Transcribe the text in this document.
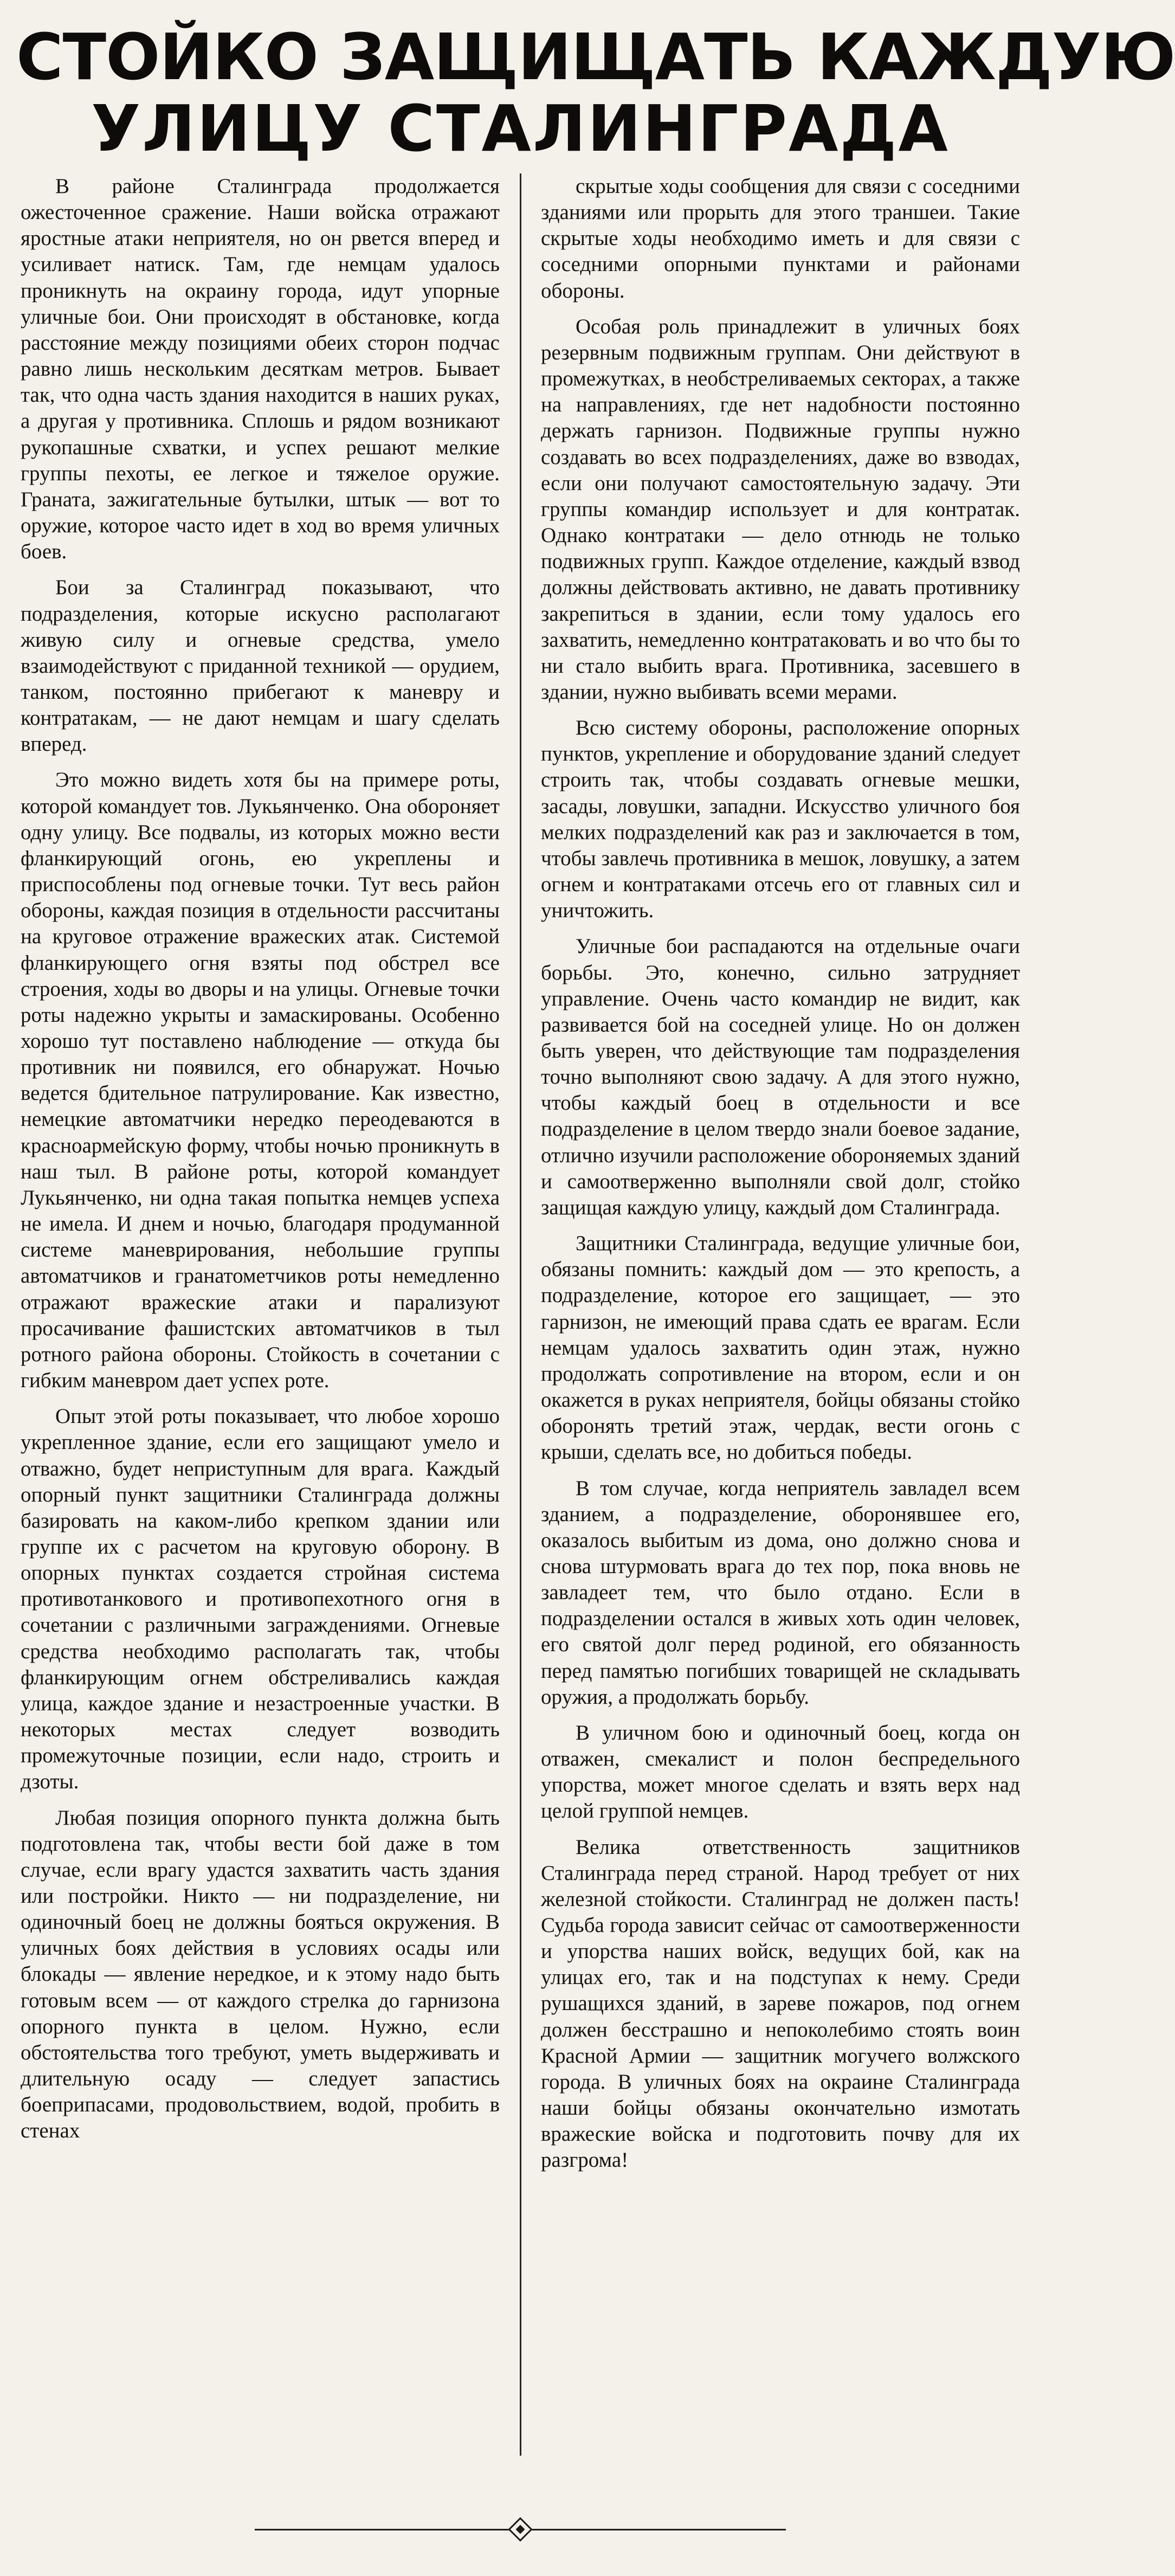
СТОЙКО ЗАЩИЩАТЬ КАЖДУЮ
УЛИЦУ СТАЛИНГРАДА

В районе Сталинграда продолжается ожесточенное сражение. Наши войска отражают яростные атаки неприятеля, но он рвется вперед и усиливает натиск. Там, где немцам удалось проникнуть на окраину города, идут упорные уличные бои. Они происходят в обстановке, когда расстояние между позициями обеих сторон подчас равно лишь нескольким десяткам метров. Бывает так, что одна часть здания находится в наших руках, а другая у противника. Сплошь и рядом возникают рукопашные схватки, и успех решают мелкие группы пехоты, ее легкое и тяжелое оружие. Граната, зажигательные бутылки, штык — вот то оружие, которое часто идет в ход во время уличных боев.

Бои за Сталинград показывают, что подразделения, которые искусно располагают живую силу и огневые средства, умело взаимодействуют с приданной техникой — орудием, танком, постоянно прибегают к маневру и контратакам, — не дают немцам и шагу сделать вперед.

Это можно видеть хотя бы на примере роты, которой командует тов. Лукьянченко. Она обороняет одну улицу. Все подвалы, из которых можно вести фланкирующий огонь, ею укреплены и приспособлены под огневые точки. Тут весь район обороны, каждая позиция в отдельности рассчитаны на круговое отражение вражеских атак. Системой фланкирующего огня взяты под обстрел все строения, ходы во дворы и на улицы. Огневые точки роты надежно укрыты и замаскированы. Особенно хорошо тут поставлено наблюдение — откуда бы противник ни появился, его обнаружат. Ночью ведется бдительное патрулирование. Как известно, немецкие автоматчики нередко переодеваются в красноармейскую форму, чтобы ночью проникнуть в наш тыл. В районе роты, которой командует Лукьянченко, ни одна такая попытка немцев успеха не имела. И днем и ночью, благодаря продуманной системе маневрирования, небольшие группы автоматчиков и гранатометчиков роты немедленно отражают вражеские атаки и парализуют просачивание фашистских автоматчиков в тыл ротного района обороны. Стойкость в сочетании с гибким маневром дает успех роте.

Опыт этой роты показывает, что любое хорошо укрепленное здание, если его защищают умело и отважно, будет неприступным для врага. Каждый опорный пункт защитники Сталинграда должны базировать на каком-либо крепком здании или группе их с расчетом на круговую оборону. В опорных пунктах создается стройная система противотанкового и противопехотного огня в сочетании с различными заграждениями. Огневые средства необходимо располагать так, чтобы фланкирующим огнем обстреливались каждая улица, каждое здание и незастроенные участки. В некоторых местах следует возводить промежуточные позиции, если надо, строить и дзоты.

Любая позиция опорного пункта должна быть подготовлена так, чтобы вести бой даже в том случае, если врагу удастся захватить часть здания или постройки. Никто — ни подразделение, ни одиночный боец не должны бояться окружения. В уличных боях действия в условиях осады или блокады — явление нередкое, и к этому надо быть готовым всем — от каждого стрелка до гарнизона опорного пункта в целом. Нужно, если обстоятельства того требуют, уметь выдерживать и длительную осаду — следует запастись боеприпасами, продовольствием, водой, пробить в стенах

скрытые ходы сообщения для связи с соседними зданиями или прорыть для этого траншеи. Такие скрытые ходы необходимо иметь и для связи с соседними опорными пунктами и районами обороны.

Особая роль принадлежит в уличных боях резервным подвижным группам. Они действуют в промежутках, в необстреливаемых секторах, а также на направлениях, где нет надобности постоянно держать гарнизон. Подвижные группы нужно создавать во всех подразделениях, даже во взводах, если они получают самостоятельную задачу. Эти группы командир использует и для контратак. Однако контратаки — дело отнюдь не только подвижных групп. Каждое отделение, каждый взвод должны действовать активно, не давать противнику закрепиться в здании, если тому удалось его захватить, немедленно контратаковать и во что бы то ни стало выбить врага. Противника, засевшего в здании, нужно выбивать всеми мерами.

Всю систему обороны, расположение опорных пунктов, укрепление и оборудование зданий следует строить так, чтобы создавать огневые мешки, засады, ловушки, западни. Искусство уличного боя мелких подразделений как раз и заключается в том, чтобы завлечь противника в мешок, ловушку, а затем огнем и контратаками отсечь его от главных сил и уничтожить.

Уличные бои распадаются на отдельные очаги борьбы. Это, конечно, сильно затрудняет управление. Очень часто командир не видит, как развивается бой на соседней улице. Но он должен быть уверен, что действующие там подразделения точно выполняют свою задачу. А для этого нужно, чтобы каждый боец в отдельности и все подразделение в целом твердо знали боевое задание, отлично изучили расположение обороняемых зданий и самоотверженно выполняли свой долг, стойко защищая каждую улицу, каждый дом Сталинграда.

Защитники Сталинграда, ведущие уличные бои, обязаны помнить: каждый дом — это крепость, а подразделение, которое его защищает, — это гарнизон, не имеющий права сдать ее врагам. Если немцам удалось захватить один этаж, нужно продолжать сопротивление на втором, если и он окажется в руках неприятеля, бойцы обязаны стойко оборонять третий этаж, чердак, вести огонь с крыши, сделать все, но добиться победы.

В том случае, когда неприятель завладел всем зданием, а подразделение, оборонявшее его, оказалось выбитым из дома, оно должно снова и снова штурмовать врага до тех пор, пока вновь не завладеет тем, что было отдано. Если в подразделении остался в живых хоть один человек, его святой долг перед родиной, его обязанность перед памятью погибших товарищей не складывать оружия, а продолжать борьбу.

В уличном бою и одиночный боец, когда он отважен, смекалист и полон беспредельного упорства, может многое сделать и взять верх над целой группой немцев.

Велика ответственность защитников Сталинграда перед страной. Народ требует от них железной стойкости. Сталинград не должен пасть! Судьба города зависит сейчас от самоотверженности и упорства наших войск, ведущих бой, как на улицах его, так и на подступах к нему. Среди рушащихся зданий, в зареве пожаров, под огнем должен бесстрашно и непоколебимо стоять воин Красной Армии — защитник могучего волжского города. В уличных боях на окраине Сталинграда наши бойцы обязаны окончательно измотать вражеские войска и подготовить почву для их разгрома!
